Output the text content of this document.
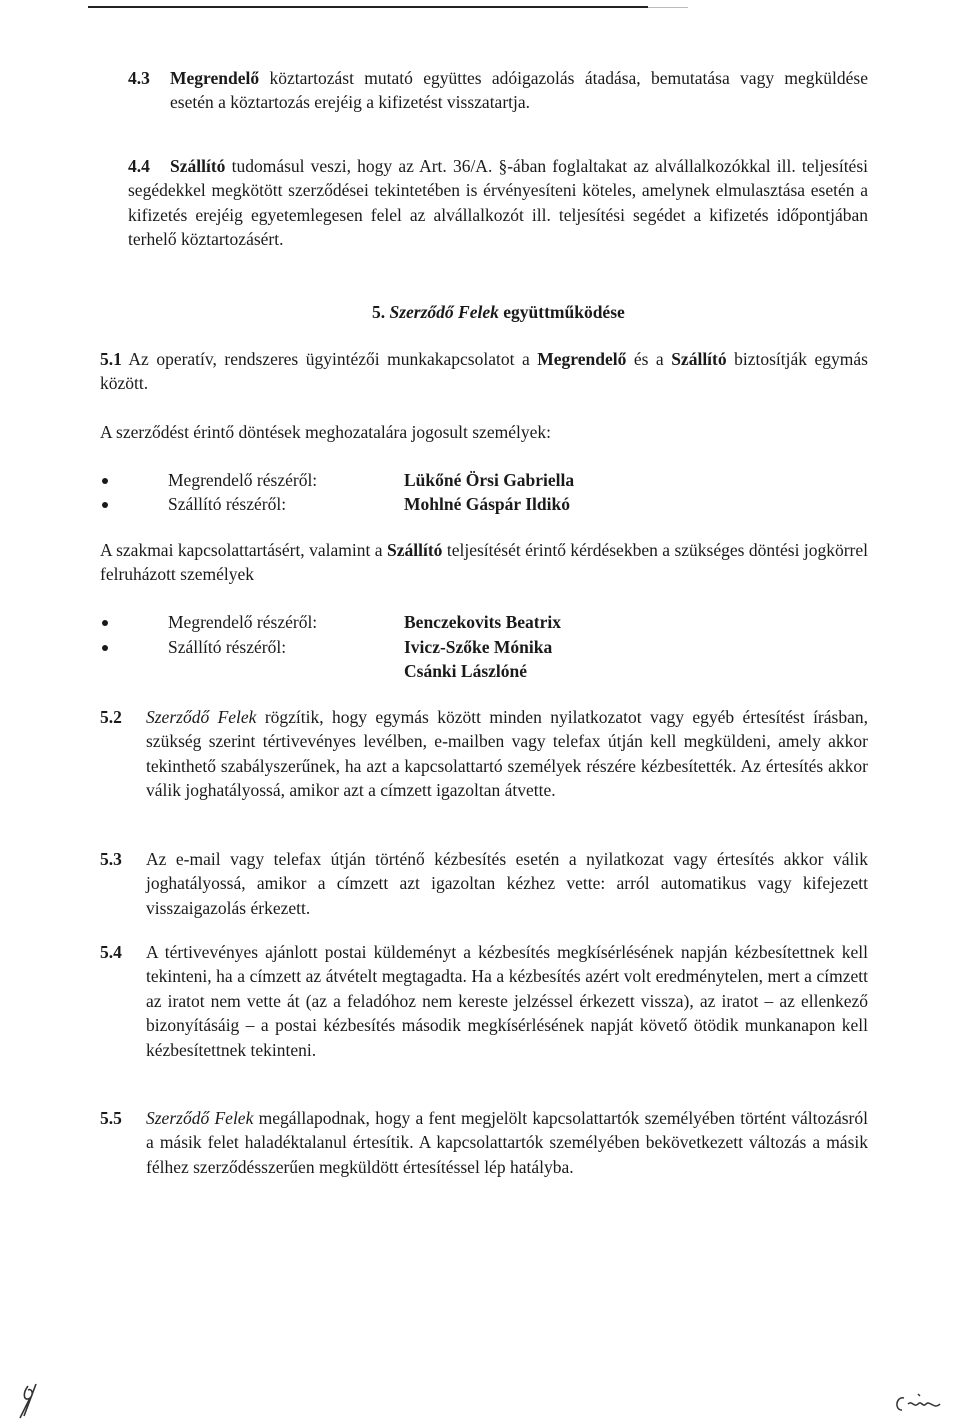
4.3 Megrendelő köztartozást mutató együttes adóigazolás átadása, bemutatása vagy megküldése esetén a köztartozás erejéig a kifizetést visszatartja.
4.4	Szállító tudomásul veszi, hogy az Art. 36/A. §-ában foglaltakat az alvállalkozókkal ill. teljesítési segédekkel megkötött szerződései tekintetében is érvényesíteni köteles, amelynek elmulasztása esetén a kifizetés erejéig egyetemlegesen felel az alvállalkozót ill. teljesítési segédet a kifizetés időpontjában terhelő köztartozásért.
5. Szerződő Felek együttműködése
5.1 Az operatív, rendszeres ügyintézői munkakapcsolatot a Megrendelő és a Szállító biztosítják egymás között.
A szerződést érintő döntések meghozatalára jogosult személyek:
Megrendelő részéről:	Lükőné Örsi Gabriella
Szállító részéről:	Mohlné Gáspár Ildikó
A szakmai kapcsolattartásért, valamint a Szállító teljesítését érintő kérdésekben a szükséges döntési jogkörrel felruházott személyek
Megrendelő részéről:	Benczekovits Beatrix
Szállító részéről:	Ivicz-Szőke Mónika
Csánki Lászlóné
5.2 Szerződő Felek rögzítik, hogy egymás között minden nyilatkozatot vagy egyéb értesítést írásban, szükség szerint tértivevényes levélben, e-mailben vagy telefax útján kell megküldeni, amely akkor tekinthető szabályszerűnek, ha azt a kapcsolattartó személyek részére kézbesítették. Az értesítés akkor válik joghatályossá, amikor azt a címzett igazoltan átvette.
5.3 Az e-mail vagy telefax útján történő kézbesítés esetén a nyilatkozat vagy értesítés akkor válik joghatályossá, amikor a címzett azt igazoltan kézhez vette: arról automatikus vagy kifejezett visszaigazolás érkezett.
5.4 A tértivevényes ajánlott postai küldeményt a kézbesítés megkísérlésének napján kézbesítettnek kell tekinteni, ha a címzett az átvételt megtagadta. Ha a kézbesítés azért volt eredménytelen, mert a címzett az iratot nem vette át (az a feladóhoz nem kereste jelzéssel érkezett vissza), az iratot – az ellenkező bizonyításáig – a postai kézbesítés második megkísérlésének napját követő ötödik munkanapon kell kézbesítettnek tekinteni.
5.5 Szerződő Felek megállapodnak, hogy a fent megjelölt kapcsolattartók személyében történt változásról a másik felet haladéktalanul értesítik. A kapcsolattartók személyében bekövetkezett változás a másik félhez szerződésszerűen megküldött értesítéssel lép hatályba.
